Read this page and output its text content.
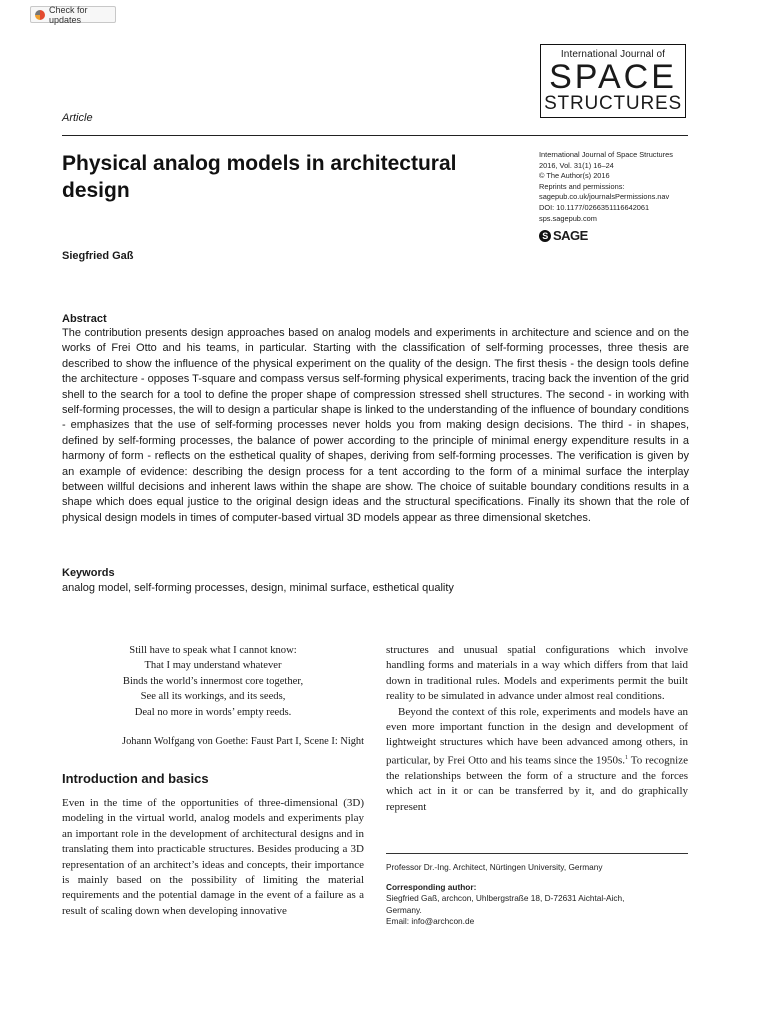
Check for updates
International Journal of
SPACE
STRUCTURES
Article
Physical analog models in architectural design
International Journal of Space Structures
2016, Vol. 31(1) 16–24
© The Author(s) 2016
Reprints and permissions:
sagepub.co.uk/journalsPermissions.nav
DOI: 10.1177/0266351116642061
sps.sagepub.com
S SAGE
Siegfried Gaß
Abstract
The contribution presents design approaches based on analog models and experiments in architecture and science and on the works of Frei Otto and his teams, in particular. Starting with the classification of self-forming processes, three thesis are described to show the influence of the physical experiment on the quality of the design. The first thesis - the design tools define the architecture - opposes T-square and compass versus self-forming physical experiments, tracing back the invention of the grid shell to the search for a tool to define the proper shape of compression stressed shell structures. The second - in working with self-forming processes, the will to design a particular shape is linked to the understanding of the influence of boundary conditions - emphasizes that the use of self-forming processes never holds you from making design decisions. The third - in shapes, defined by self-forming processes, the balance of power according to the principle of minimal energy expenditure results in a harmony of form - reflects on the esthetical quality of shapes, deriving from self-forming processes. The verification is given by an example of evidence: describing the design process for a tent according to the form of a minimal surface the interplay between willful decisions and inherent laws within the shape are show. The choice of suitable boundary conditions results in a shape which does equal justice to the original design ideas and the structural specifications. Finally its shown that the role of physical design models in times of computer-based virtual 3D models appear as three dimensional sketches.
Keywords
analog model, self-forming processes, design, minimal surface, esthetical quality
Still have to speak what I cannot know:
That I may understand whatever
Binds the world’s innermost core together,
See all its workings, and its seeds,
Deal no more in words’ empty reeds.
Johann Wolfgang von Goethe: Faust Part I, Scene I: Night
Introduction and basics

Even in the time of the opportunities of three-dimensional (3D) modeling in the virtual world, analog models and experiments play an important role in the development of architectural designs and in translating them into practicable structures. Besides producing a 3D representation of an architect’s ideas and concepts, their importance is mainly based on the possibility of limiting the material requirements and the potential damage in the event of a failure as a result of scaling down when developing innovative

structures and unusual spatial configurations which involve handling forms and materials in a way which differs from that laid down in traditional rules. Models and experiments permit the built reality to be simulated in advance under almost real conditions.

Beyond the context of this role, experiments and models have an even more important function in the design and development of lightweight structures which have been advanced among others, in particular, by Frei Otto and his teams since the 1950s.$^1$ To recognize the relationships between the form of a structure and the forces which act in it or can be transferred by it, and do graphically represent

Professor Dr.-Ing. Architect, Nürtingen University, Germany
Corresponding author:
Siegfried Gaß, archcon, Uhlbergstraße 18, D-72631 Aichtal-Aich,
Germany.
Email: info@archcon.de
